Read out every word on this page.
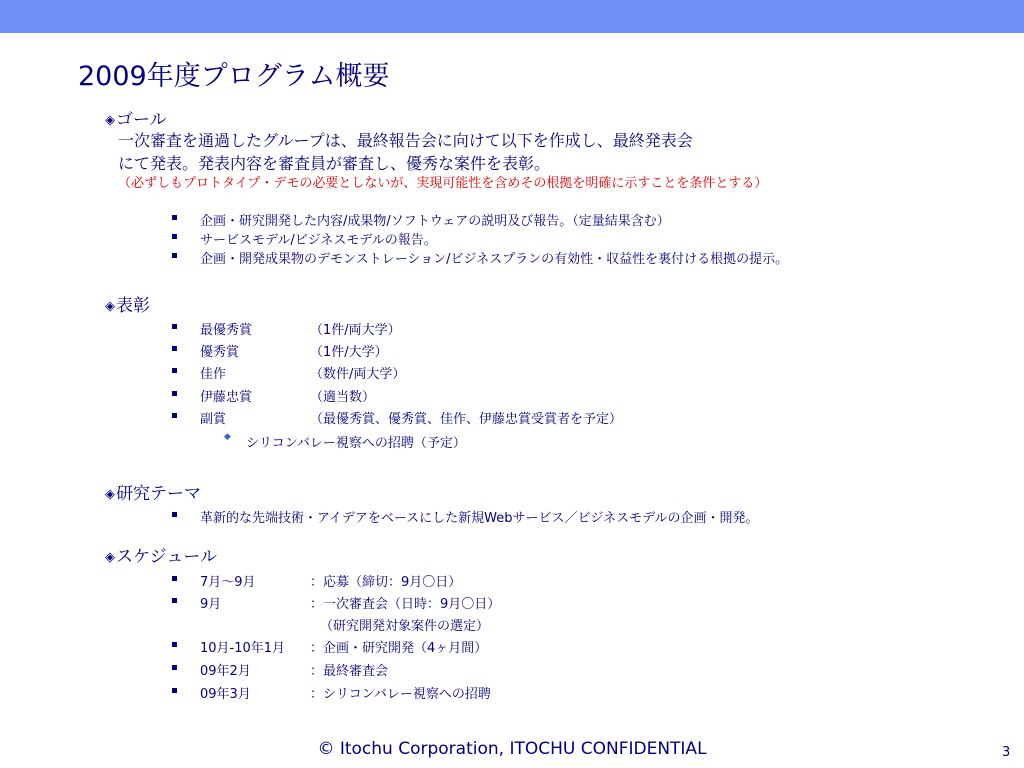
2009年度プログラム概要
◈ゴール
一次審査を通過したグループは、最終報告会に向けて以下を作成し、最終発表会
にて発表。発表内容を審査員が審査し、優秀な案件を表彰。
（必ずしもプロトタイプ・デモの必要としないが、実現可能性を含めその根拠を明確に示すことを条件とする）
企画・研究開発した内容/成果物/ソフトウェアの説明及び報告。（定量結果含む）
サービスモデル/ビジネスモデルの報告。
企画・開発成果物のデモンストレーション/ビジネスプランの有効性・収益性を裏付ける根拠の提示。
◈表彰
最優秀賞	（1件/両大学）
優秀賞	（1件/大学）
佳作	（数件/両大学）
伊藤忠賞	（適当数）
副賞	（最優秀賞、優秀賞、佳作、伊藤忠賞受賞者を予定）
◆ シリコンバレー視察への招聘（予定）
◈研究テーマ
革新的な先端技術・アイデアをベースにした新規Webサービス／ビジネスモデルの企画・開発。
◈スケジュール
7月〜9月	：応募（締切：9月〇日）
9月	：一次審査会（日時：9月〇日）
（研究開発対象案件の選定）
10月-10年1月 ：企画・研究開発（4ヶ月間）
09年2月	：最終審査会
09年3月	：シリコンバレー視察への招聘
© Itochu Corporation, ITOCHU CONFIDENTIAL	3
